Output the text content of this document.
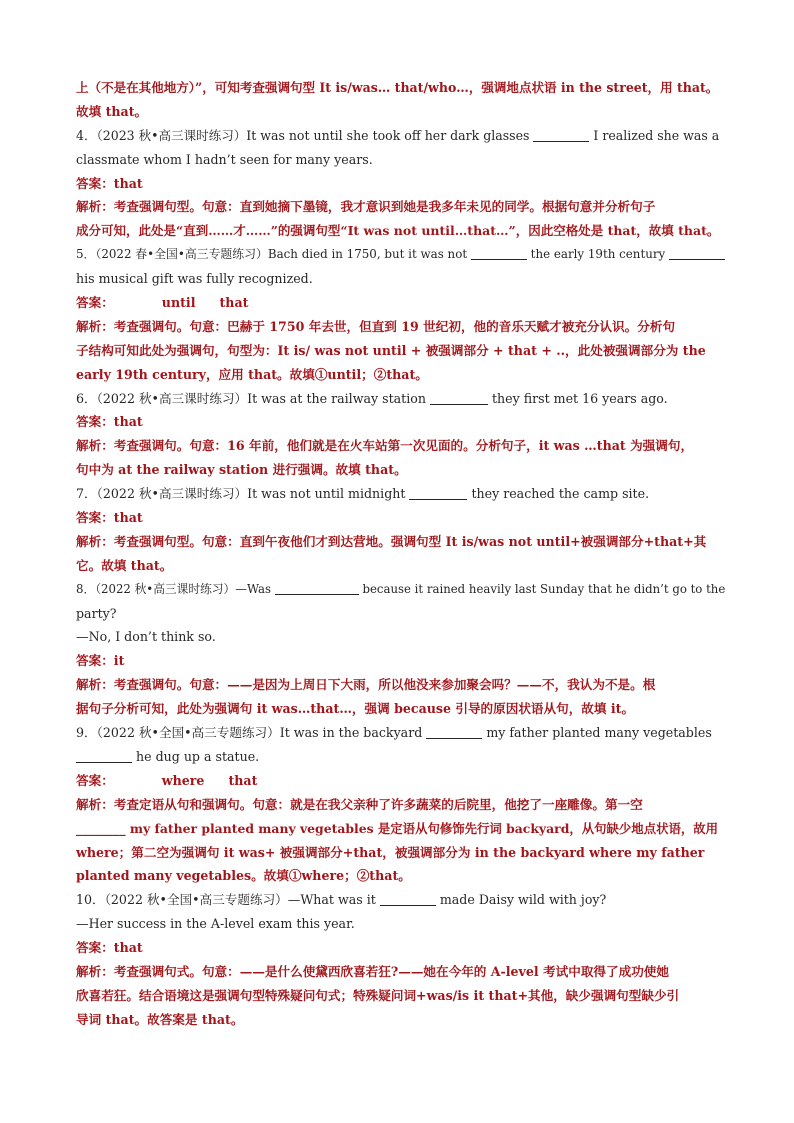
上（不是在其他地方）”，可知考查强调句型 It is/was… that/who…，强调地点状语 in the street，用 that。
故填 that。
4．（2023 秋•高三课时练习）It was not until she took off her dark glasses	I realized she was a
classmate whom I hadn’t seen for many years.
答案：that
解析：考查强调句型。句意：直到她摘下墨镜，我才意识到她是我多年未见的同学。根据句意并分析句子
成分可知，此处是“直到……才……”的强调句型“It was not until…that…”，因此空格处是 that，故填 that。
5．（2022 春•全国•高三专题练习）Bach died in 1750, but it was not	the early 19th century
his musical gift was fully recognized.
答案：	until that
解析：考查强调句。句意：巴赫于 1750 年去世，但直到 19 世纪初，他的音乐天赋才被充分认识。分析句
子结构可知此处为强调句，句型为：It is/ was not until + 被强调部分 + that + ..，此处被强调部分为 the
early 19th century，应用 that。故填①until；②that。
6．（2022 秋•高三课时练习）It was at the railway station	they first met 16 years ago.
答案：that
解析：考查强调句。句意：16 年前，他们就是在火车站第一次见面的。分析句子，it was …that 为强调句，
句中为 at the railway station 进行强调。故填 that。
7．（2022 秋•高三课时练习）It was not until midnight	they reached the camp site.
答案：that
解析：考查强调句型。句意：直到午夜他们才到达营地。强调句型 It is/was not until+被强调部分+that+其
它。故填 that。
8．（2022 秋•高三课时练习）—Was	because it rained heavily last Sunday that he didn’t go to the
party?
—No, I don’t think so.
答案：it
解析：考查强调句。句意：——是因为上周日下大雨，所以他没来参加聚会吗？——不，我认为不是。根
据句子分析可知，此处为强调句 it was…that…，强调 because 引导的原因状语从句，故填 it。
9．（2022 秋•全国•高三专题练习）It was in the backyard	my father planted many vegetables
he dug up a statue.
答案：	where that
解析：考查定语从句和强调句。句意：就是在我父亲种了许多蔬菜的后院里，他挖了一座雕像。第一空
________ my father planted many vegetables 是定语从句修饰先行词 backyard，从句缺少地点状语，故用
where；第二空为强调句 it was+ 被强调部分+that，被强调部分为 in the backyard where my father
planted many vegetables。故填①where；②that。
10．（2022 秋•全国•高三专题练习）—What was it	made Daisy wild with joy?
—Her success in the A-level exam this year.
答案：that
解析：考查强调句式。句意：——是什么使黛西欣喜若狂?——她在今年的 A-level 考试中取得了成功使她
欣喜若狂。结合语境这是强调句型特殊疑问句式；特殊疑问词+was/is it that+其他，缺少强调句型缺少引
导词 that。故答案是 that。
